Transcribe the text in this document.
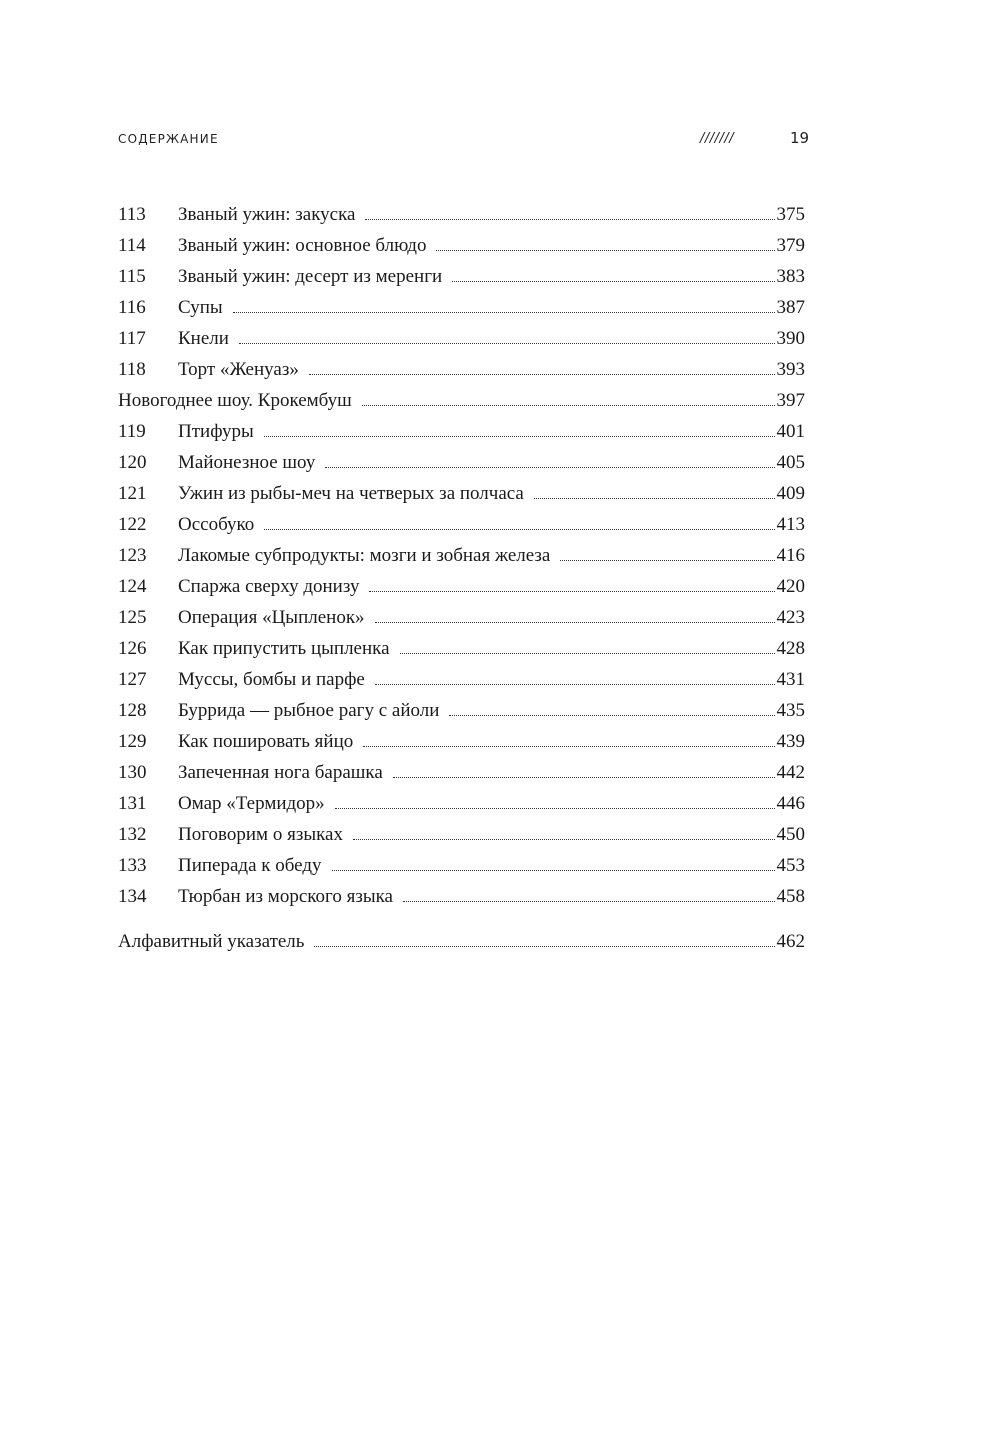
СОДЕРЖАНИЕ	///////	19
113	Званый ужин: закуска	375
114	Званый ужин: основное блюдо	379
115	Званый ужин: десерт из меренги	383
116	Супы	387
117	Кнели	390
118	Торт «Женуаз»	393
Новогоднее шоу. Крокембуш	397
119	Птифуры	401
120	Майонезное шоу	405
121	Ужин из рыбы-меч на четверых за полчаса	409
122	Оссобуко	413
123	Лакомые субпродукты: мозги и зобная железа	416
124	Спаржа сверху донизу	420
125	Операция «Цыпленок»	423
126	Как припустить цыпленка	428
127	Муссы, бомбы и парфе	431
128	Буррида — рыбное рагу с айоли	435
129	Как пошировать яйцо	439
130	Запеченная нога барашка	442
131	Омар «Термидор»	446
132	Поговорим о языках	450
133	Пиперада к обеду	453
134	Тюрбан из морского языка	458
Алфавитный указатель	462
